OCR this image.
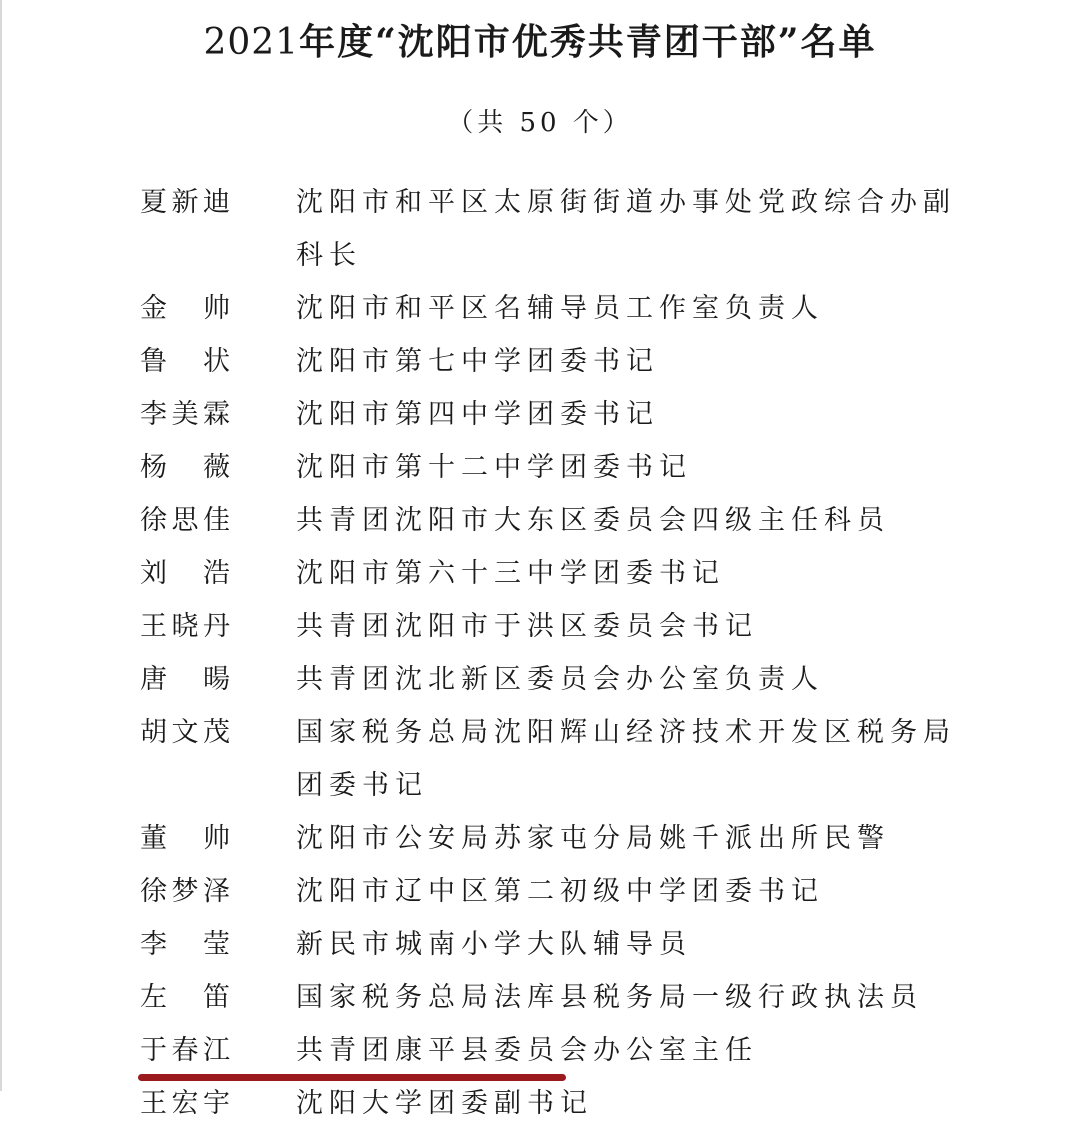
2021年度“沈阳市优秀共青团干部”名单
（共 50 个）
夏 新 迪 沈阳市和平区太原街街道办事处党政综合办副科长
金 帅 沈阳市和平区名辅导员工作室负责人
鲁 状 沈阳市第七中学团委书记
李 美 霖 沈阳市第四中学团委书记
杨 薇 沈阳市第十二中学团委书记
徐 思 佳 共青团沈阳市大东区委员会四级主任科员
刘 浩 沈阳市第六十三中学团委书记
王 晓 丹 共青团沈阳市于洪区委员会书记
唐 暘 共青团沈北新区委员会办公室负责人
胡 文 茂 国家税务总局沈阳辉山经济技术开发区税务局团委书记
董 帅 沈阳市公安局苏家屯分局姚千派出所民警
徐 梦 泽 沈阳市辽中区第二初级中学团委书记
李 莹 新民市城南小学大队辅导员
左 笛 国家税务总局法库县税务局一级行政执法员
于 春 江 共青团康平县委员会办公室主任
王 宏 宇 沈阳大学团委副书记
